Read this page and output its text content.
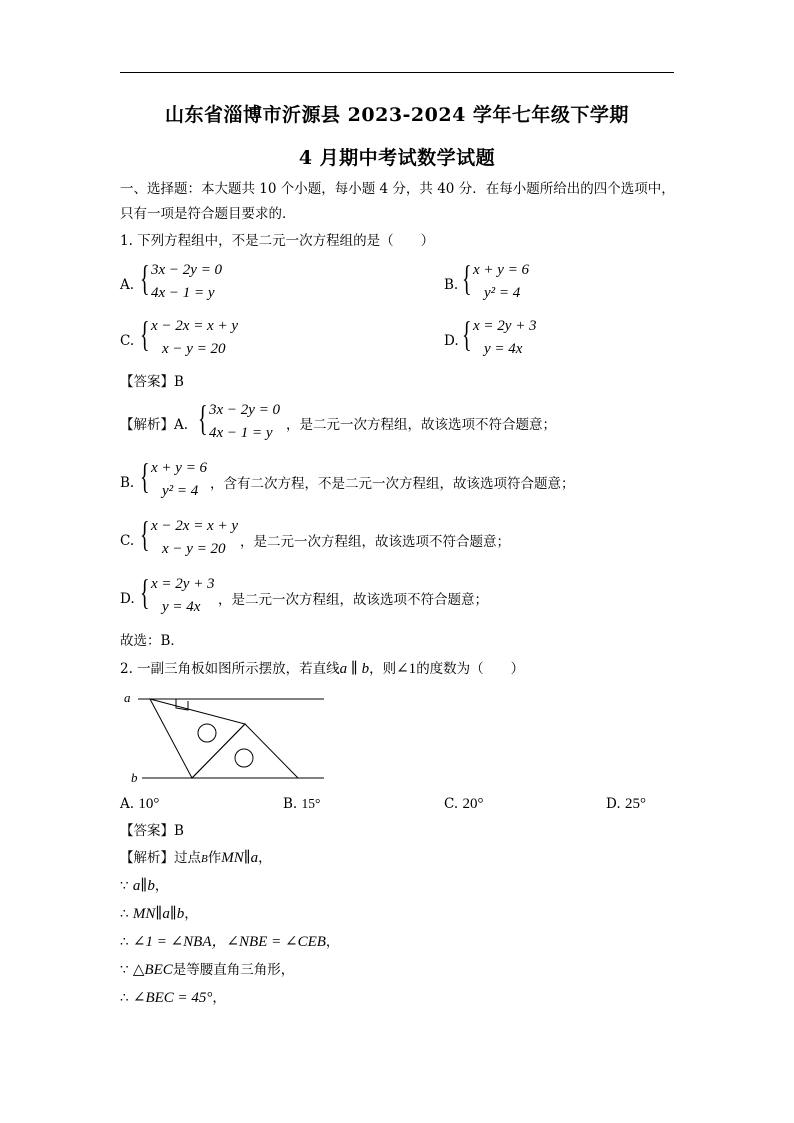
山东省淄博市沂源县 2023-2024 学年七年级下学期
4 月期中考试数学试题
一、选择题：本大题共 10 个小题，每小题 4 分，共 40 分．在每小题所给出的四个选项中，
只有一项是符合题目要求的．
1. 下列方程组中，不是二元一次方程组的是（　　）
A. { 3x − 2y = 0
4x − 1 = y	B. { x + y = 6
y² = 4
C. { x − 2x = x + y
x − y = 20	D. { x = 2y + 3
y = 4x
【答案】B
【解析】A. { 3x − 2y = 0
4x − 1 = y ，是二元一次方程组，故该选项不符合题意；
B. { x + y = 6
y² = 4 ，含有二次方程，不是二元一次方程组，故该选项符合题意；
C. { x − 2x = x + y
x − y = 20 ，是二元一次方程组，故该选项不符合题意；
D. { x = 2y + 3
y = 4x ，是二元一次方程组，故该选项不符合题意；
故选：B．
2. 一副三角板如图所示摆放，若直线a ∥ b，则∠1的度数为（　　）
a
b
A. 10°	B. 15°	C. 20°	D. 25°
【答案】B
【解析】过点B作MN∥a，
∵ a∥b，
∴ MN∥a∥b，
∴ ∠1 = ∠NBA，∠NBE = ∠CEB，
∵ △BEC是等腰直角三角形，
∴ ∠BEC = 45°，
